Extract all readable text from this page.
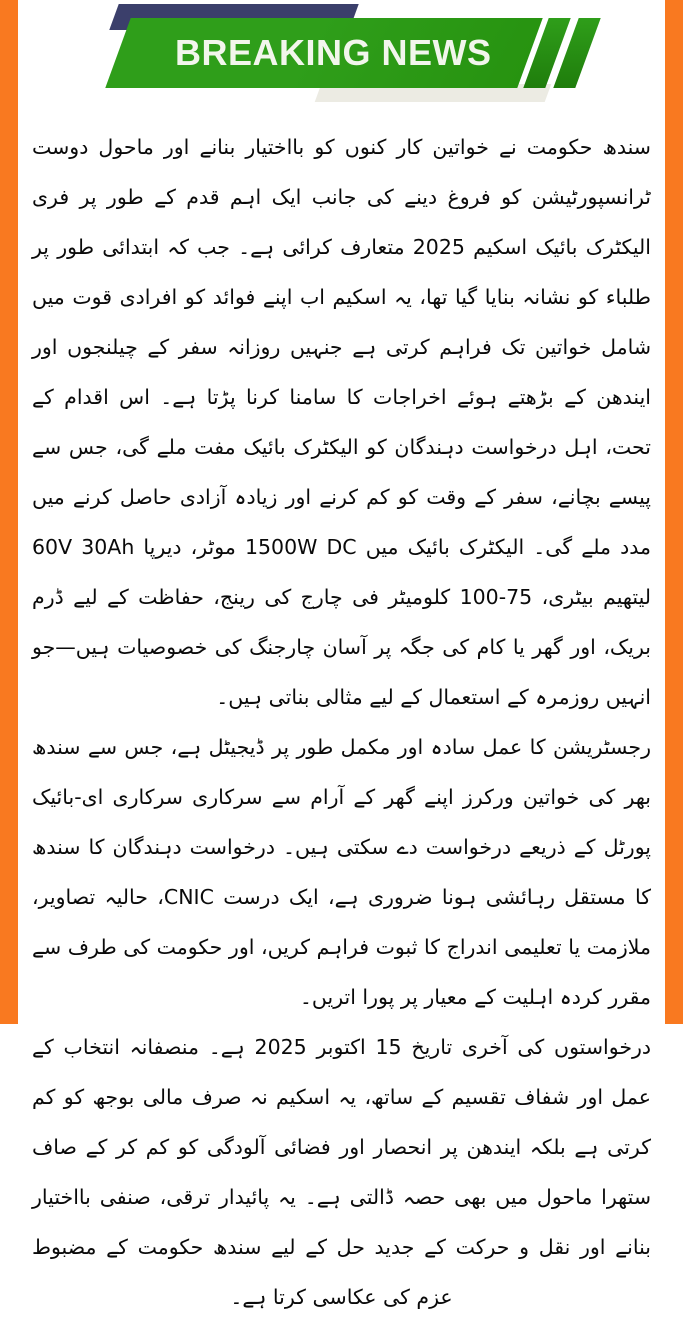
BREAKING NEWS

سندھ حکومت نے خواتین کار کنوں کو بااختیار بنانے اور ماحول دوست ٹرانسپورٹیشن کو فروغ دینے کی جانب ایک اہم قدم کے طور پر فری الیکٹرک بائیک اسکیم 2025 متعارف کرائی ہے۔ جب کہ ابتدائی طور پر طلباء کو نشانہ بنایا گیا تھا، یہ اسکیم اب اپنے فوائد کو افرادی قوت میں شامل خواتین تک فراہم کرتی ہے جنہیں روزانہ سفر کے چیلنجوں اور ایندھن کے بڑھتے ہوئے اخراجات کا سامنا کرنا پڑتا ہے۔ اس اقدام کے تحت، اہل درخواست دہندگان کو الیکٹرک بائیک مفت ملے گی، جس سے پیسے بچانے، سفر کے وقت کو کم کرنے اور زیادہ آزادی حاصل کرنے میں مدد ملے گی۔ الیکٹرک بائیک میں 1500W DC موٹر، دیرپا 60V 30Ah لیتھیم بیٹری، 75-100 کلومیٹر فی چارج کی رینج، حفاظت کے لیے ڈرم بریک، اور گھر یا کام کی جگہ پر آسان چارجنگ کی خصوصیات ہیں—جو انہیں روزمرہ کے استعمال کے لیے مثالی بناتی ہیں۔

رجسٹریشن کا عمل سادہ اور مکمل طور پر ڈیجیٹل ہے، جس سے سندھ بھر کی خواتین ورکرز اپنے گھر کے آرام سے سرکاری سرکاری ای-بائیک پورٹل کے ذریعے درخواست دے سکتی ہیں۔ درخواست دہندگان کا سندھ کا مستقل رہائشی ہونا ضروری ہے، ایک درست CNIC، حالیہ تصاویر، ملازمت یا تعلیمی اندراج کا ثبوت فراہم کریں، اور حکومت کی طرف سے مقرر کردہ اہلیت کے معیار پر پورا اتریں۔

درخواستوں کی آخری تاریخ 15 اکتوبر 2025 ہے۔ منصفانہ انتخاب کے عمل اور شفاف تقسیم کے ساتھ، یہ اسکیم نہ صرف مالی بوجھ کو کم کرتی ہے بلکہ ایندھن پر انحصار اور فضائی آلودگی کو کم کر کے صاف ستھرا ماحول میں بھی حصہ ڈالتی ہے۔ یہ پائیدار ترقی، صنفی بااختیار بنانے اور نقل و حرکت کے جدید حل کے لیے سندھ حکومت کے مضبوط عزم کی عکاسی کرتا ہے۔
